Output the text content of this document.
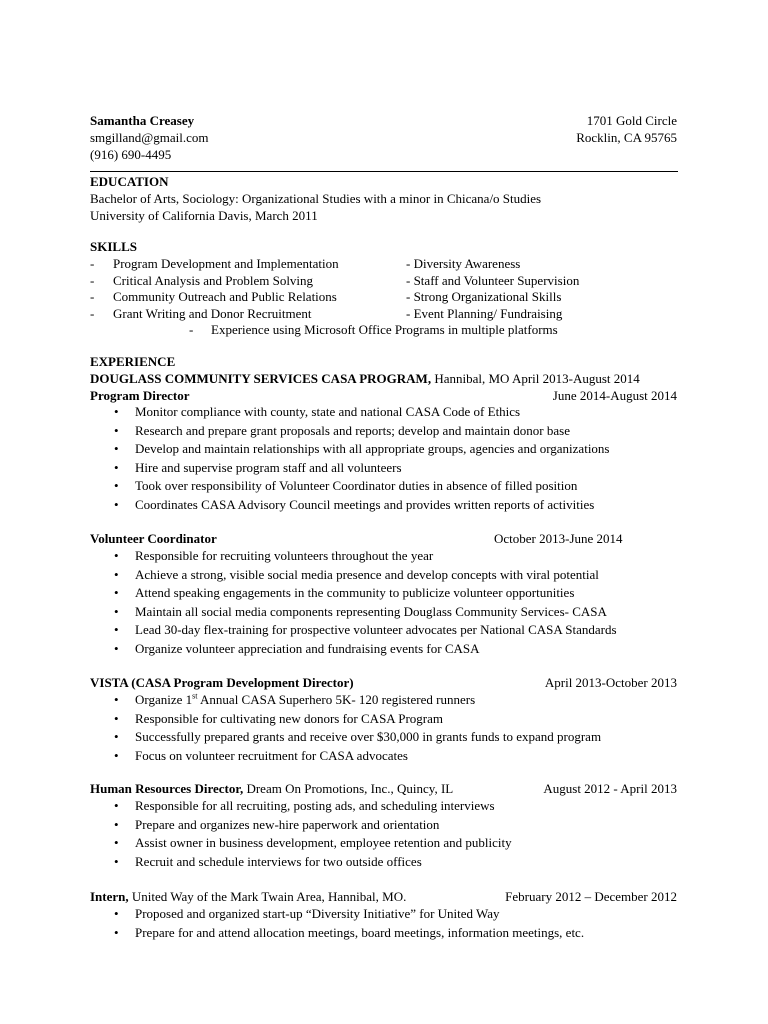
Samantha Creasey
smgilland@gmail.com
(916) 690-4495
1701 Gold Circle
Rocklin, CA 95765
EDUCATION
Bachelor of Arts, Sociology: Organizational Studies with a minor in Chicana/o Studies
University of California Davis, March 2011
SKILLS
- Program Development and Implementation	- Diversity Awareness
- Critical Analysis and Problem Solving	- Staff and Volunteer Supervision
- Community Outreach and Public Relations	- Strong Organizational Skills
- Grant Writing and Donor Recruitment	- Event Planning/ Fundraising
- Experience using Microsoft Office Programs in multiple platforms
EXPERIENCE
DOUGLASS COMMUNITY SERVICES CASA PROGRAM, Hannibal, MO April 2013-August 2014
Program Director	June 2014-August 2014
• Monitor compliance with county, state and national CASA Code of Ethics
• Research and prepare grant proposals and reports; develop and maintain donor base
• Develop and maintain relationships with all appropriate groups, agencies and organizations
• Hire and supervise program staff and all volunteers
• Took over responsibility of Volunteer Coordinator duties in absence of filled position
• Coordinates CASA Advisory Council meetings and provides written reports of activities
Volunteer Coordinator	October 2013-June 2014
• Responsible for recruiting volunteers throughout the year
• Achieve a strong, visible social media presence and develop concepts with viral potential
• Attend speaking engagements in the community to publicize volunteer opportunities
• Maintain all social media components representing Douglass Community Services- CASA
• Lead 30-day flex-training for prospective volunteer advocates per National CASA Standards
• Organize volunteer appreciation and fundraising events for CASA
VISTA (CASA Program Development Director)	April 2013-October 2013
• Organize 1st Annual CASA Superhero 5K- 120 registered runners
• Responsible for cultivating new donors for CASA Program
• Successfully prepared grants and receive over $30,000 in grants funds to expand program
• Focus on volunteer recruitment for CASA advocates
Human Resources Director, Dream On Promotions, Inc., Quincy, IL	August 2012 - April 2013
• Responsible for all recruiting, posting ads, and scheduling interviews
• Prepare and organizes new-hire paperwork and orientation
• Assist owner in business development, employee retention and publicity
• Recruit and schedule interviews for two outside offices
Intern, United Way of the Mark Twain Area, Hannibal, MO.	February 2012 – December 2012
• Proposed and organized start-up “Diversity Initiative” for United Way
• Prepare for and attend allocation meetings, board meetings, information meetings, etc.
